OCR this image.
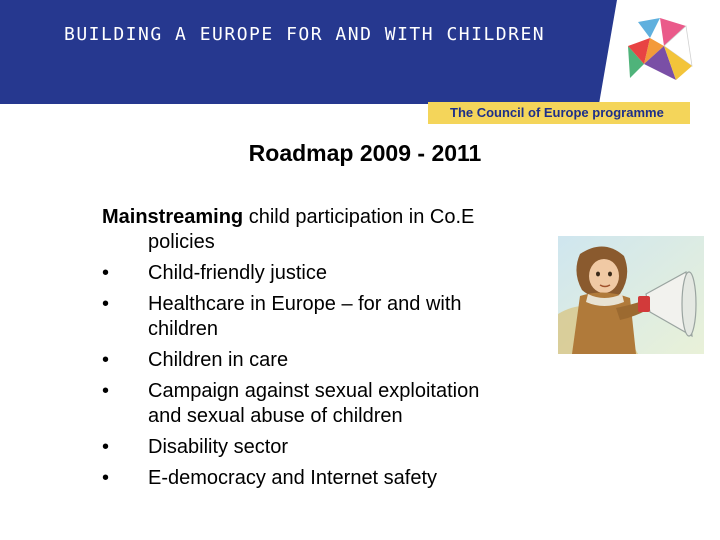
BUILDING A EUROPE FOR AND WITH CHILDREN
The Council of Europe programme
Roadmap 2009 - 2011

Mainstreaming child participation in Co.E
policies

• Child-friendly justice
• Healthcare in Europe – for and with
children
• Children in care
• Campaign against sexual exploitation
and sexual abuse of children
• Disability sector
• E-democracy and Internet safety
